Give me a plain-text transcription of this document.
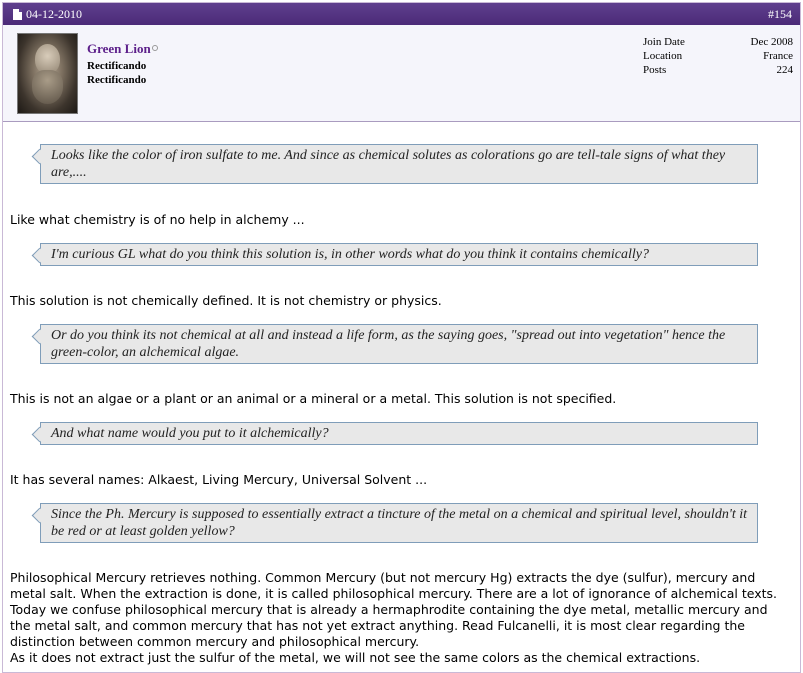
04-12-2010	#154
Green Lion
Rectificando
Rectificando
Join Date	Dec 2008
Location	France
Posts	224
Looks like the color of iron sulfate to me. And since as chemical solutes as colorations go are tell-tale signs of what they are,....
Like what chemistry is of no help in alchemy ...
I'm curious GL what do you think this solution is, in other words what do you think it contains chemically?
This solution is not chemically defined. It is not chemistry or physics.
Or do you think its not chemical at all and instead a life form, as the saying goes, "spread out into vegetation" hence the green-color, an alchemical algae.
This is not an algae or a plant or an animal or a mineral or a metal. This solution is not specified.
And what name would you put to it alchemically?
It has several names: Alkaest, Living Mercury, Universal Solvent ...
Since the Ph. Mercury is supposed to essentially extract a tincture of the metal on a chemical and spiritual level, shouldn't it be red or at least golden yellow?
Philosophical Mercury retrieves nothing. Common Mercury (but not mercury Hg) extracts the dye (sulfur), mercury and metal salt. When the extraction is done, it is called philosophical mercury. There are a lot of ignorance of alchemical texts. Today we confuse philosophical mercury that is already a hermaphrodite containing the dye metal, metallic mercury and the metal salt, and common mercury that has not yet extract anything. Read Fulcanelli, it is most clear regarding the distinction between common mercury and philosophical mercury.
As it does not extract just the sulfur of the metal, we will not see the same colors as the chemical extractions.
